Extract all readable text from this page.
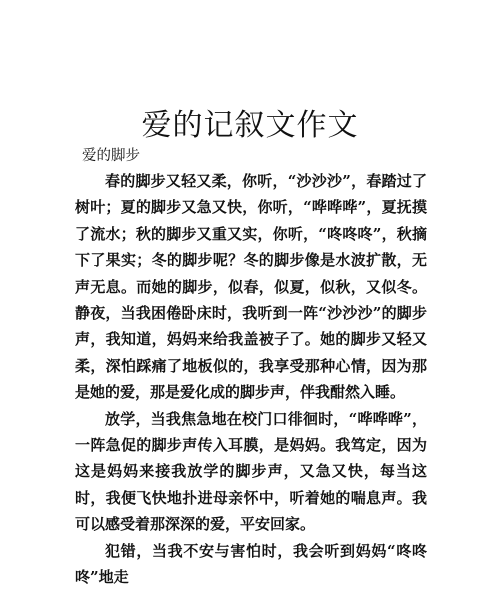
爱的记叙文作文
爱的脚步

春的脚步又轻又柔，你听，“沙沙沙”，春踏过了树叶；夏的脚步又急又快，你听，“哗哗哗”，夏抚摸了流水；秋的脚步又重又实，你听，“咚咚咚”，秋摘下了果实；冬的脚步呢？冬的脚步像是水波扩散，无声无息。而她的脚步，似春，似夏，似秋，又似冬。静夜，当我困倦卧床时，我听到一阵“沙沙沙”的脚步声，我知道，妈妈来给我盖被子了。她的脚步又轻又柔，深怕踩痛了地板似的，我享受那种心情，因为那是她的爱，那是爱化成的脚步声，伴我酣然入睡。

放学，当我焦急地在校门口徘徊时，“哗哗哗”，一阵急促的脚步声传入耳膜，是妈妈。我笃定，因为这是妈妈来接我放学的脚步声，又急又快，每当这时，我便飞快地扑进母亲怀中，听着她的喘息声。我可以感受着那深深的爱，平安回家。

犯错，当我不安与害怕时，我会听到妈妈“咚咚咚”地走
